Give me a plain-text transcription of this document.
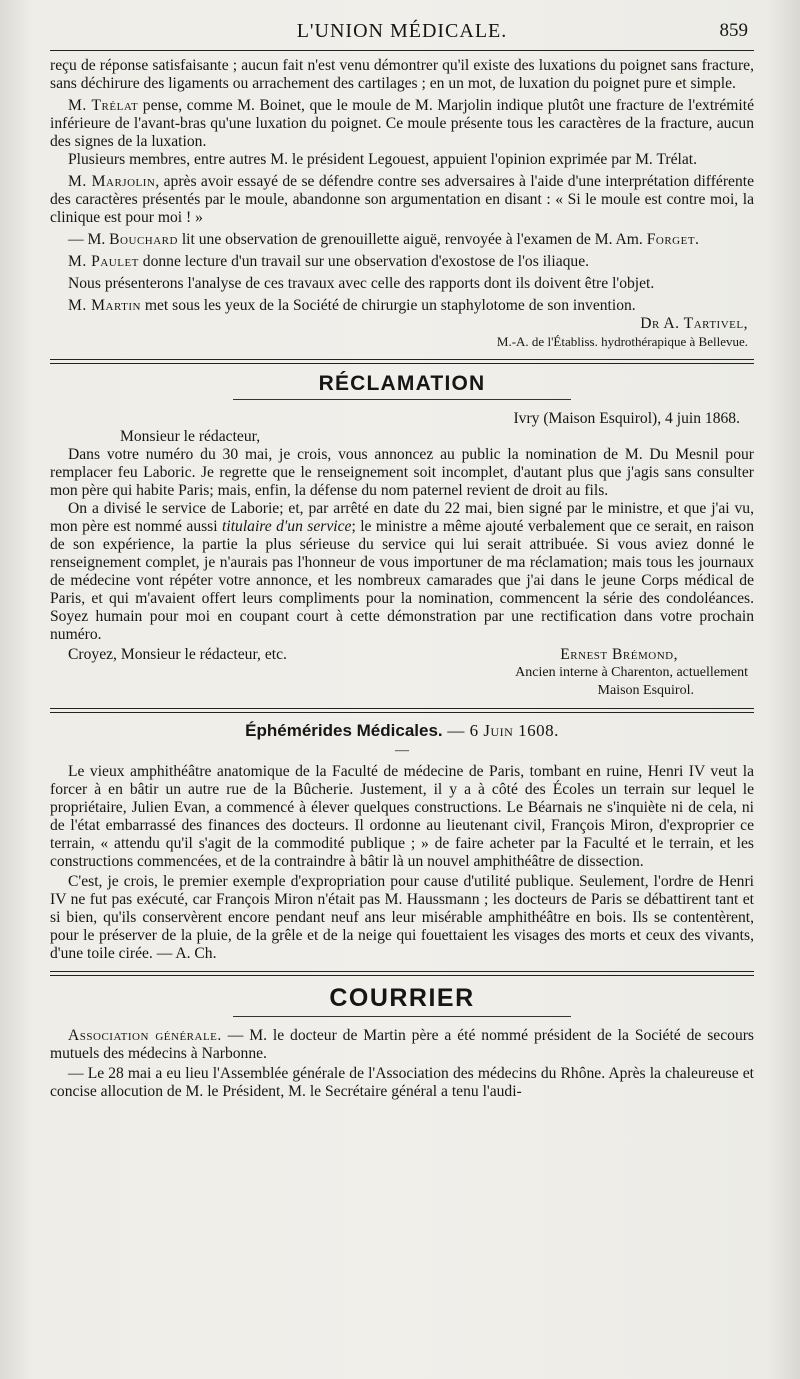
L'UNION MÉDICALE.	859

reçu de réponse satisfaisante ; aucun fait n'est venu démontrer qu'il existe des luxations du poignet sans fracture, sans déchirure des ligaments ou arrachement des cartilages ; en un mot, de luxation du poignet pure et simple.

M. Trélat pense, comme M. Boinet, que le moule de M. Marjolin indique plutôt une fracture de l'extrémité inférieure de l'avant-bras qu'une luxation du poignet. Ce moule présente tous les caractères de la fracture, aucun des signes de la luxation.

Plusieurs membres, entre autres M. le président Legouest, appuient l'opinion exprimée par M. Trélat.

M. Marjolin, après avoir essayé de se défendre contre ses adversaires à l'aide d'une interprétation différente des caractères présentés par le moule, abandonne son argumentation en disant : « Si le moule est contre moi, la clinique est pour moi ! »

— M. Bouchard lit une observation de grenouillette aiguë, renvoyée à l'examen de M. Am. Forget.

M. Paulet donne lecture d'un travail sur une observation d'exostose de l'os iliaque.

Nous présenterons l'analyse de ces travaux avec celle des rapports dont ils doivent être l'objet.

M. Martin met sous les yeux de la Société de chirurgie un staphylotome de son invention.

Dr A. Tartivel,

M.-A. de l'Établiss. hydrothérapique à Bellevue.

RÉCLAMATION
Ivry (Maison Esquirol), 4 juin 1868.

Monsieur le rédacteur,

Dans votre numéro du 30 mai, je crois, vous annoncez au public la nomination de M. Du Mesnil pour remplacer feu Laboric. Je regrette que le renseignement soit incomplet, d'autant plus que j'agis sans consulter mon père qui habite Paris; mais, enfin, la défense du nom paternel revient de droit au fils.

On a divisé le service de Laborie; et, par arrêté en date du 22 mai, bien signé par le ministre, et que j'ai vu, mon père est nommé aussi titulaire d'un service; le ministre a même ajouté verbalement que ce serait, en raison de son expérience, la partie la plus sérieuse du service qui lui serait attribuée. Si vous aviez donné le renseignement complet, je n'aurais pas l'honneur de vous importuner de ma réclamation; mais tous les journaux de médecine vont répéter votre annonce, et les nombreux camarades que j'ai dans le jeune Corps médical de Paris, et qui m'avaient offert leurs compliments pour la nomination, commencent la série des condoléances. Soyez humain pour moi en coupant court à cette démonstration par une rectification dans votre prochain numéro.

Croyez, Monsieur le rédacteur, etc.	Ernest Brémond,
Ancien interne à Charenton, actuellement
Maison Esquirol.
Éphémérides Médicales. — 6 Juin 1608.
—

Le vieux amphithéâtre anatomique de la Faculté de médecine de Paris, tombant en ruine, Henri IV veut la forcer à en bâtir un autre rue de la Bûcherie. Justement, il y a à côté des Écoles un terrain sur lequel le propriétaire, Julien Evan, a commencé à élever quelques constructions. Le Béarnais ne s'inquiète ni de cela, ni de l'état embarrassé des finances des docteurs. Il ordonne au lieutenant civil, François Miron, d'exproprier ce terrain, « attendu qu'il s'agit de la commodité publique ; » de faire acheter par la Faculté et le terrain, et les constructions commencées, et de la contraindre à bâtir là un nouvel amphithéâtre de dissection.

C'est, je crois, le premier exemple d'expropriation pour cause d'utilité publique. Seulement, l'ordre de Henri IV ne fut pas exécuté, car François Miron n'était pas M. Haussmann ; les docteurs de Paris se débattirent tant et si bien, qu'ils conservèrent encore pendant neuf ans leur misérable amphithéâtre en bois. Ils se contentèrent, pour le préserver de la pluie, de la grêle et de la neige qui fouettaient les visages des morts et ceux des vivants, d'une toile cirée. — A. Ch.

COURRIER

Association générale. — M. le docteur de Martin père a été nommé président de la Société de secours mutuels des médecins à Narbonne.

— Le 28 mai a eu lieu l'Assemblée générale de l'Association des médecins du Rhône. Après la chaleureuse et concise allocution de M. le Président, M. le Secrétaire général a tenu l'audi-
